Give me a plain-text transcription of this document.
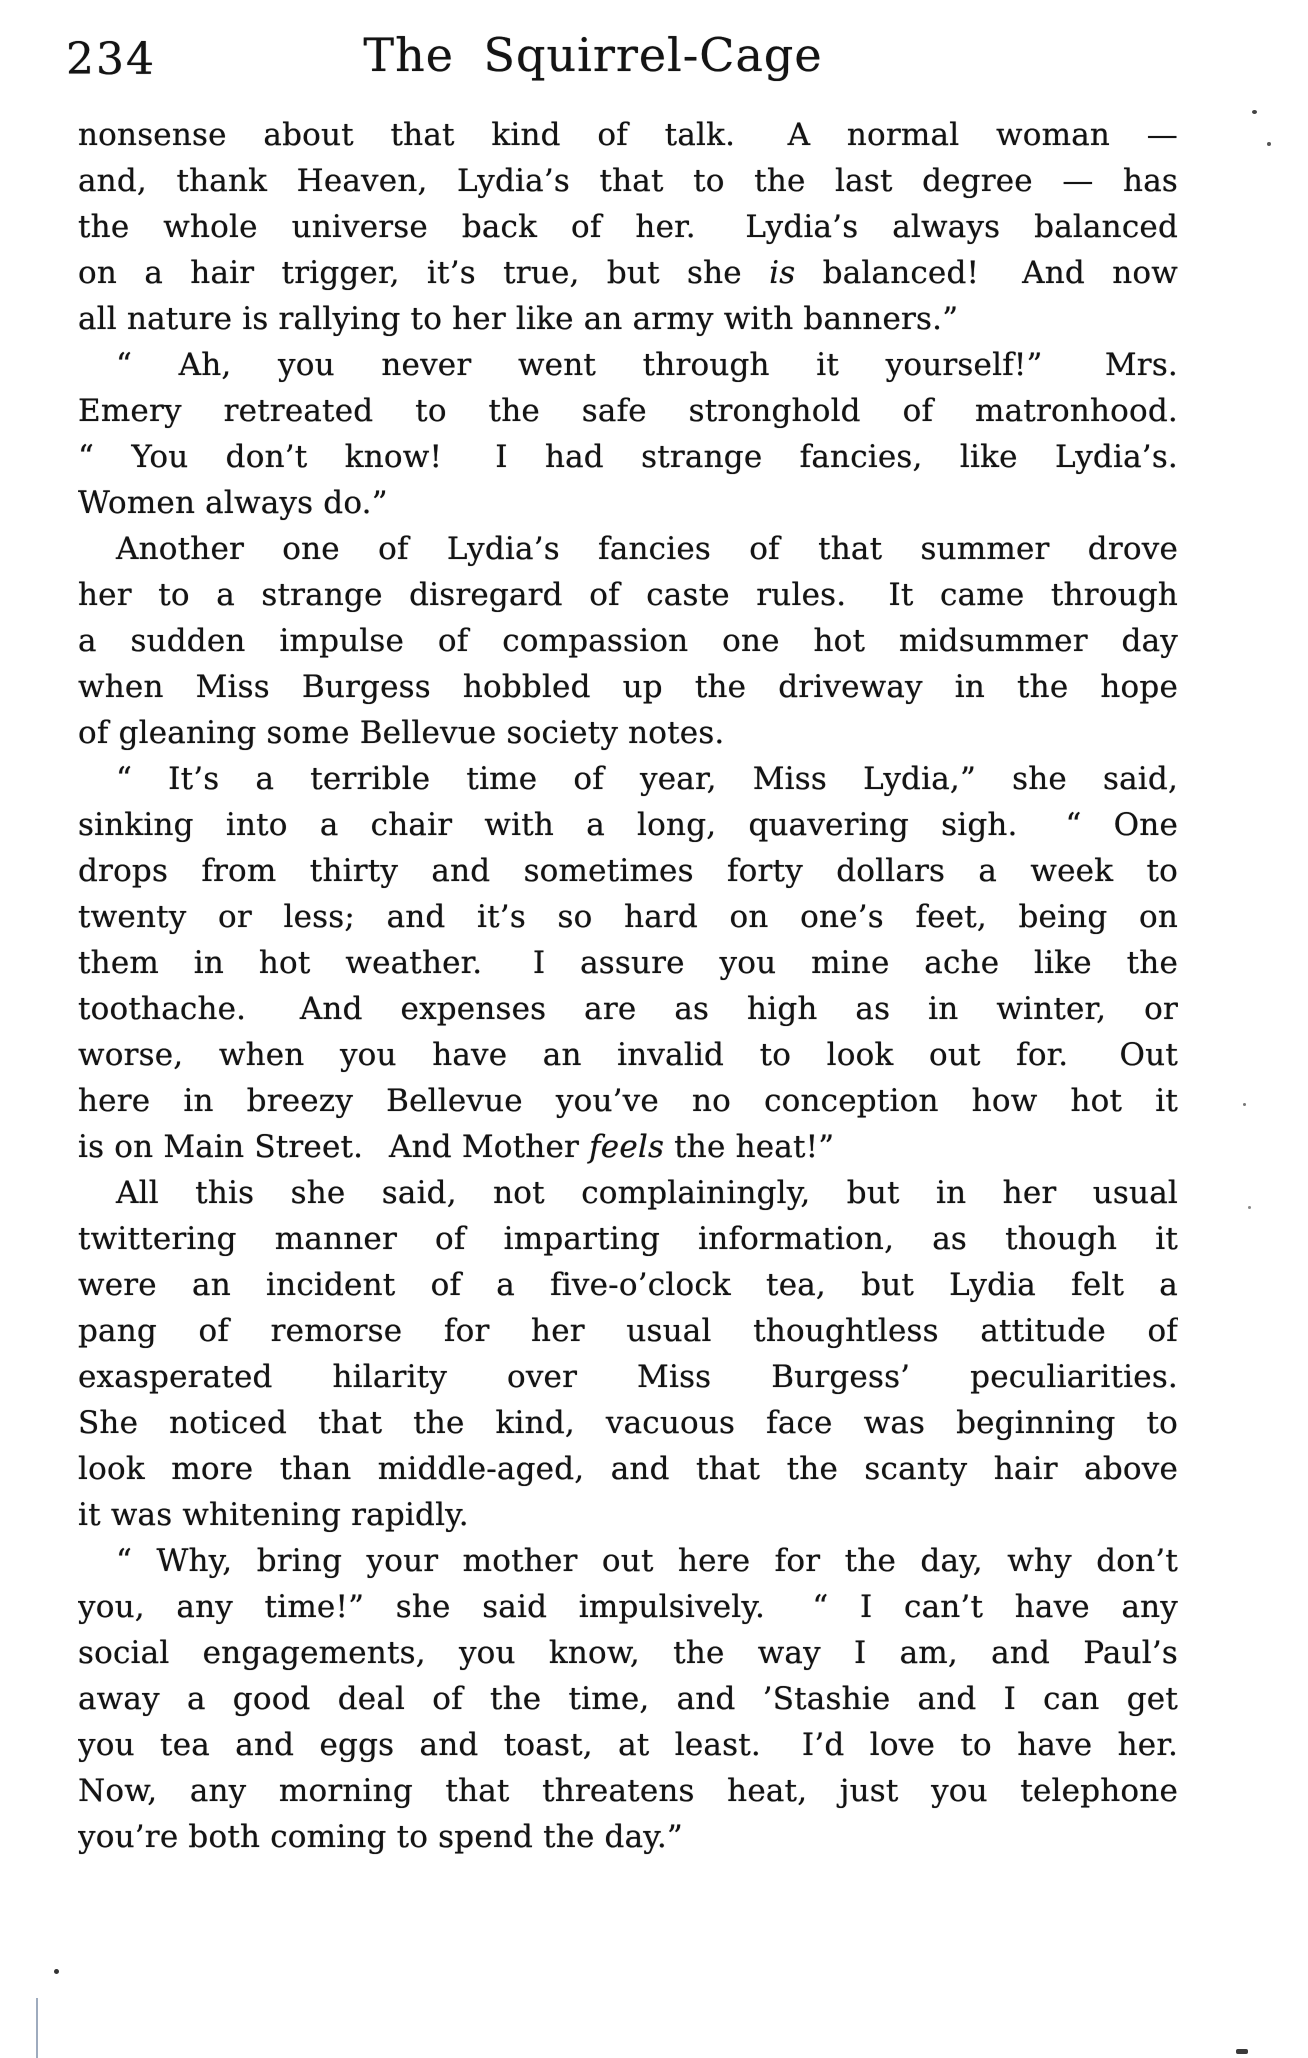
234	The Squirrel-Cage
nonsense about that kind of talk.  A normal woman —
and, thank Heaven, Lydia’s that to the last degree — has
the whole universe back of her.  Lydia’s always balanced
on a hair trigger, it’s true, but she is balanced!  And now
all nature is rallying to her like an army with banners.”
“ Ah, you never went through it yourself!”  Mrs.
Emery retreated to the safe stronghold of matronhood.
“ You don’t know!  I had strange fancies, like Lydia’s.
Women always do.”
Another one of Lydia’s fancies of that summer drove
her to a strange disregard of caste rules.  It came through
a sudden impulse of compassion one hot midsummer day
when Miss Burgess hobbled up the driveway in the hope
of gleaning some Bellevue society notes.
“ It’s a terrible time of year, Miss Lydia,” she said,
sinking into a chair with a long, quavering sigh.  “ One
drops from thirty and sometimes forty dollars a week to
twenty or less; and it’s so hard on one’s feet, being on
them in hot weather.  I assure you mine ache like the
toothache.  And expenses are as high as in winter, or
worse, when you have an invalid to look out for.  Out
here in breezy Bellevue you’ve no conception how hot it
is on Main Street.  And Mother feels the heat!”
All this she said, not complainingly, but in her usual
twittering manner of imparting information, as though it
were an incident of a five-o’clock tea, but Lydia felt a
pang of remorse for her usual thoughtless attitude of
exasperated hilarity over Miss Burgess’ peculiarities.
She noticed that the kind, vacuous face was beginning to
look more than middle-aged, and that the scanty hair above
it was whitening rapidly.
“ Why, bring your mother out here for the day, why don’t
you, any time!” she said impulsively.  “ I can’t have any
social engagements, you know, the way I am, and Paul’s
away a good deal of the time, and ’Stashie and I can get
you tea and eggs and toast, at least.  I’d love to have her.
Now, any morning that threatens heat, just you telephone
you’re both coming to spend the day.”
